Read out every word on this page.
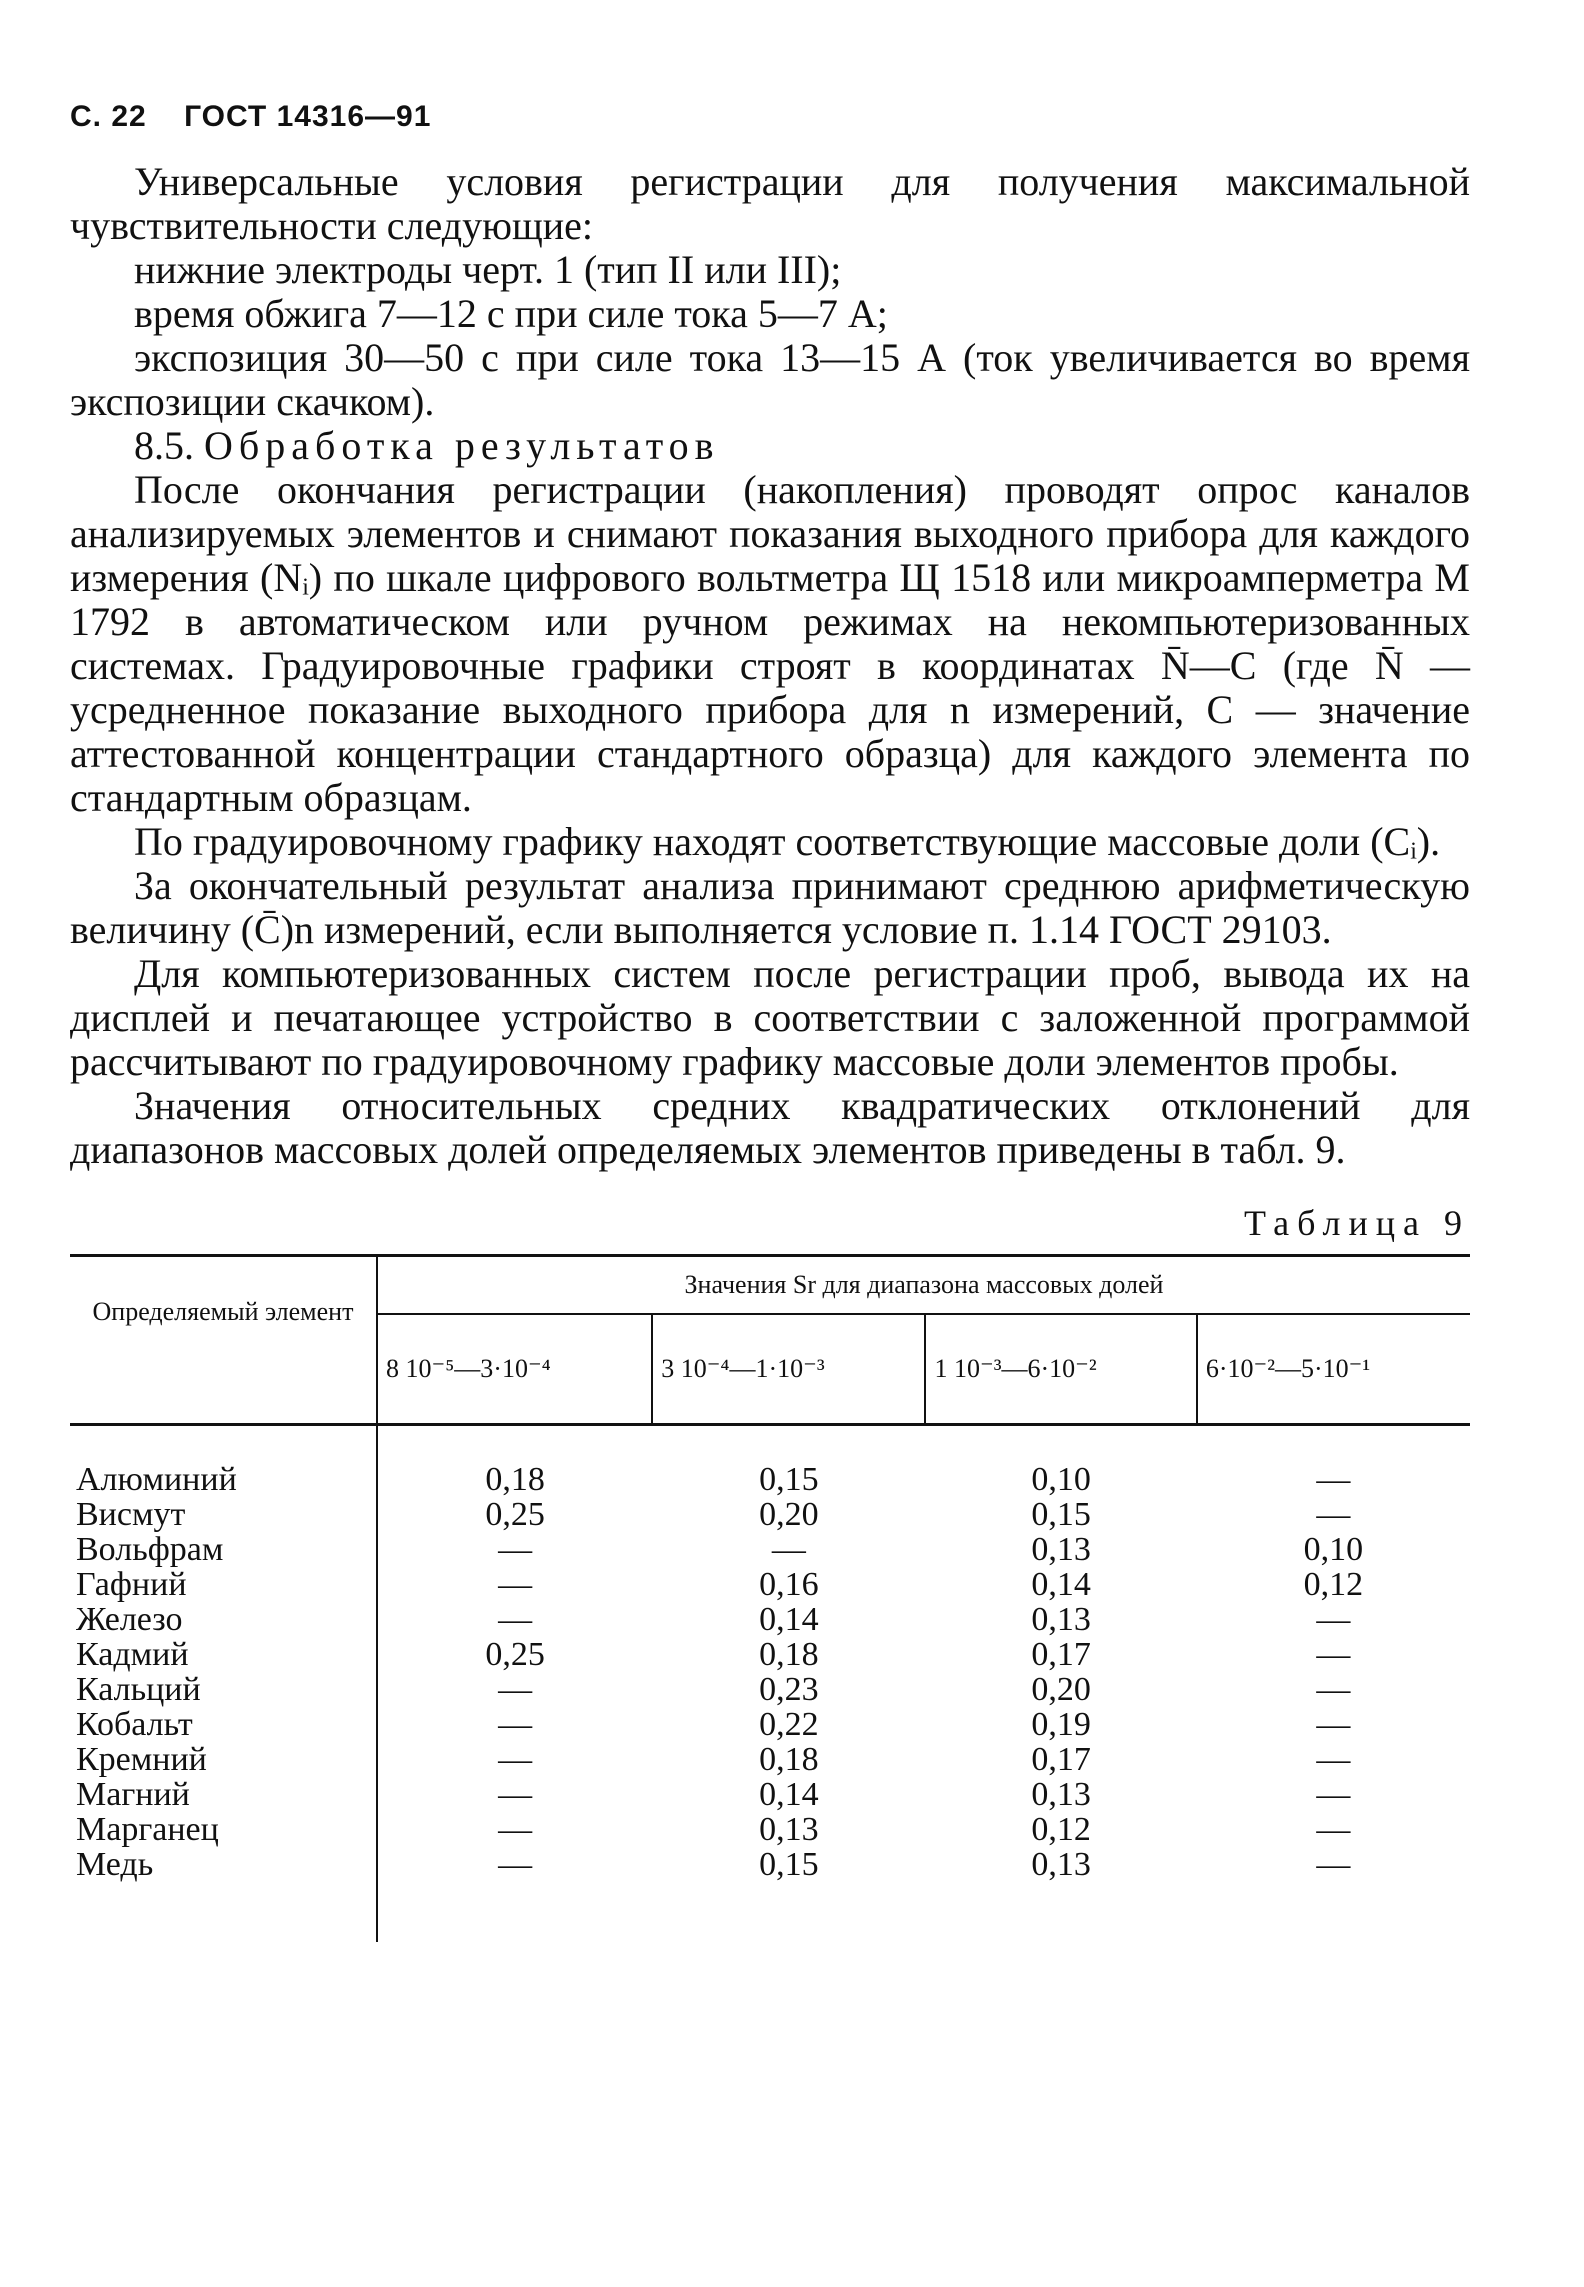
С. 22 ГОСТ 14316—91

Универсальные условия регистрации для получения максимальной чувствительности следующие:

нижние электроды черт. 1 (тип II или III);

время обжига 7—12 с при силе тока 5—7 А;

экспозиция 30—50 с при силе тока 13—15 А (ток увеличивается во время экспозиции скачком).

8.5. Обработка результатов

После окончания регистрации (накопления) проводят опрос каналов анализируемых элементов и снимают показания выходного прибора для каждого измерения (Nᵢ) по шкале цифрового вольтметра Щ 1518 или микроамперметра М 1792 в автоматическом или ручном режимах на некомпьютеризованных системах. Градуировочные графики строят в координатах N̄—C (где N̄ — усредненное показание выходного прибора для n измерений, C — значение аттестованной концентрации стандартного образца) для каждого элемента по стандартным образцам.

По градуировочному графику находят соответствующие массовые доли (Cᵢ).

За окончательный результат анализа принимают среднюю арифметическую величину (C̄)n измерений, если выполняется условие п. 1.14 ГОСТ 29103.

Для компьютеризованных систем после регистрации проб, вывода их на дисплей и печатающее устройство в соответствии с заложенной программой рассчитывают по градуировочному графику массовые доли элементов пробы.

Значения относительных средних квадратических отклонений для диапазонов массовых долей определяемых элементов приведены в табл. 9.

Таблица 9
Определяемый элемент	Значения Sr для диапазона массовых долей			
	8 10⁻⁵—3·10⁻⁴	3 10⁻⁴—1·10⁻³	1 10⁻³—6·10⁻²	6·10⁻²—5·10⁻¹
Алюминий	0,18	0,15	0,10	—
Висмут	0,25	0,20	0,15	—
Вольфрам	—	—	0,13	0,10
Гафний	—	0,16	0,14	0,12
Железо	—	0,14	0,13	—
Кадмий	0,25	0,18	0,17	—
Кальций	—	0,23	0,20	—
Кобальт	—	0,22	0,19	—
Кремний	—	0,18	0,17	—
Магний	—	0,14	0,13	—
Марганец	—	0,13	0,12	—
Медь	—	0,15	0,13	—
